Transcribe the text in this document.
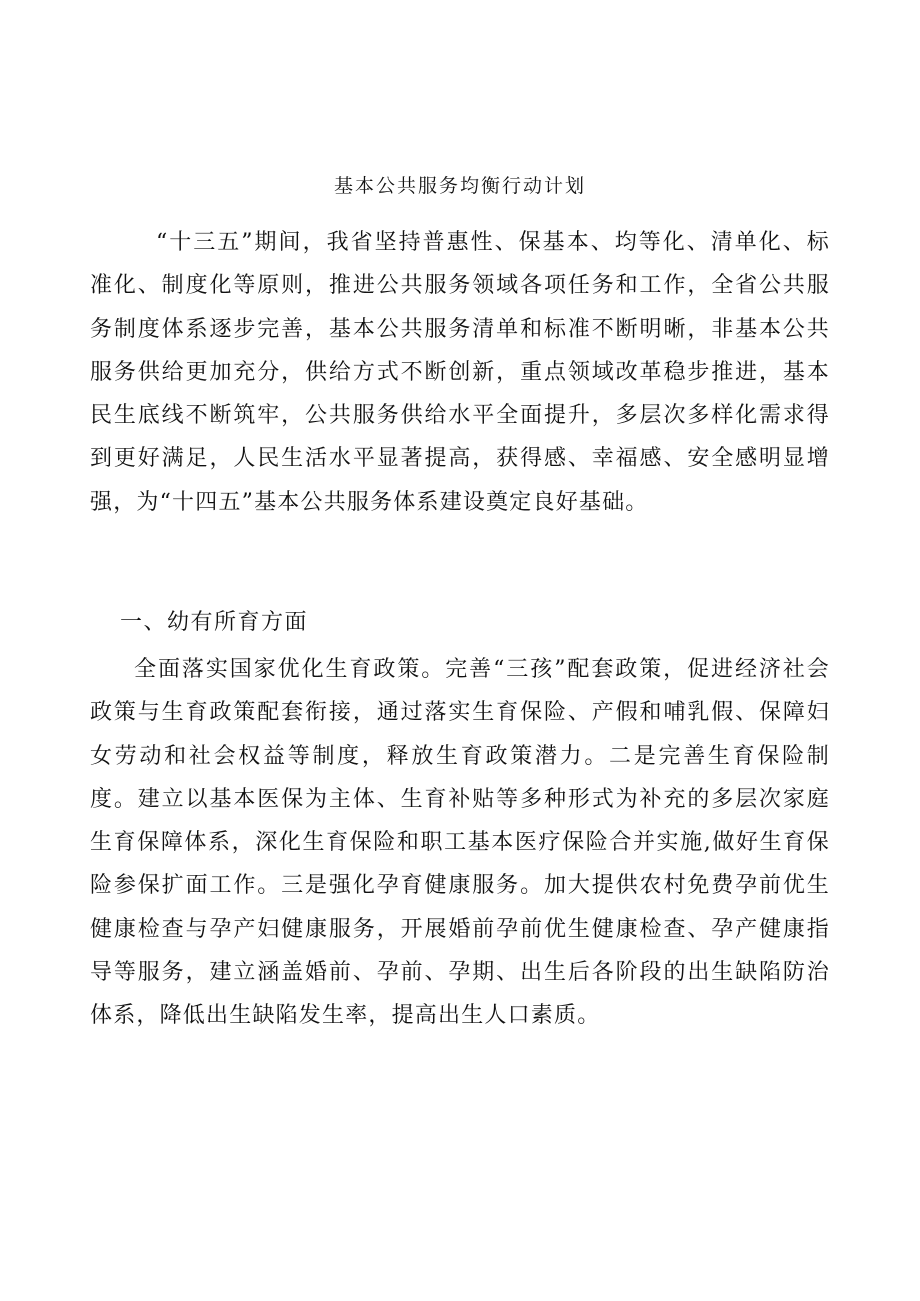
基本公共服务均衡行动计划

“十三五”期间，我省坚持普惠性、保基本、均等化、清单化、标准化、制度化等原则，推进公共服务领域各项任务和工作，全省公共服务制度体系逐步完善，基本公共服务清单和标准不断明晰，非基本公共服务供给更加充分，供给方式不断创新，重点领域改革稳步推进，基本民生底线不断筑牢，公共服务供给水平全面提升，多层次多样化需求得到更好满足，人民生活水平显著提高，获得感、幸福感、安全感明显增强，为“十四五”基本公共服务体系建设奠定良好基础。

一、幼有所育方面

全面落实国家优化生育政策。完善“三孩”配套政策，促进经济社会政策与生育政策配套衔接，通过落实生育保险、产假和哺乳假、保障妇女劳动和社会权益等制度，释放生育政策潜力。二是完善生育保险制度。建立以基本医保为主体、生育补贴等多种形式为补充的多层次家庭生育保障体系，深化生育保险和职工基本医疗保险合并实施,做好生育保险参保扩面工作。三是强化孕育健康服务。加大提供农村免费孕前优生健康检查与孕产妇健康服务，开展婚前孕前优生健康检查、孕产健康指导等服务，建立涵盖婚前、孕前、孕期、出生后各阶段的出生缺陷防治体系，降低出生缺陷发生率，提高出生人口素质。
